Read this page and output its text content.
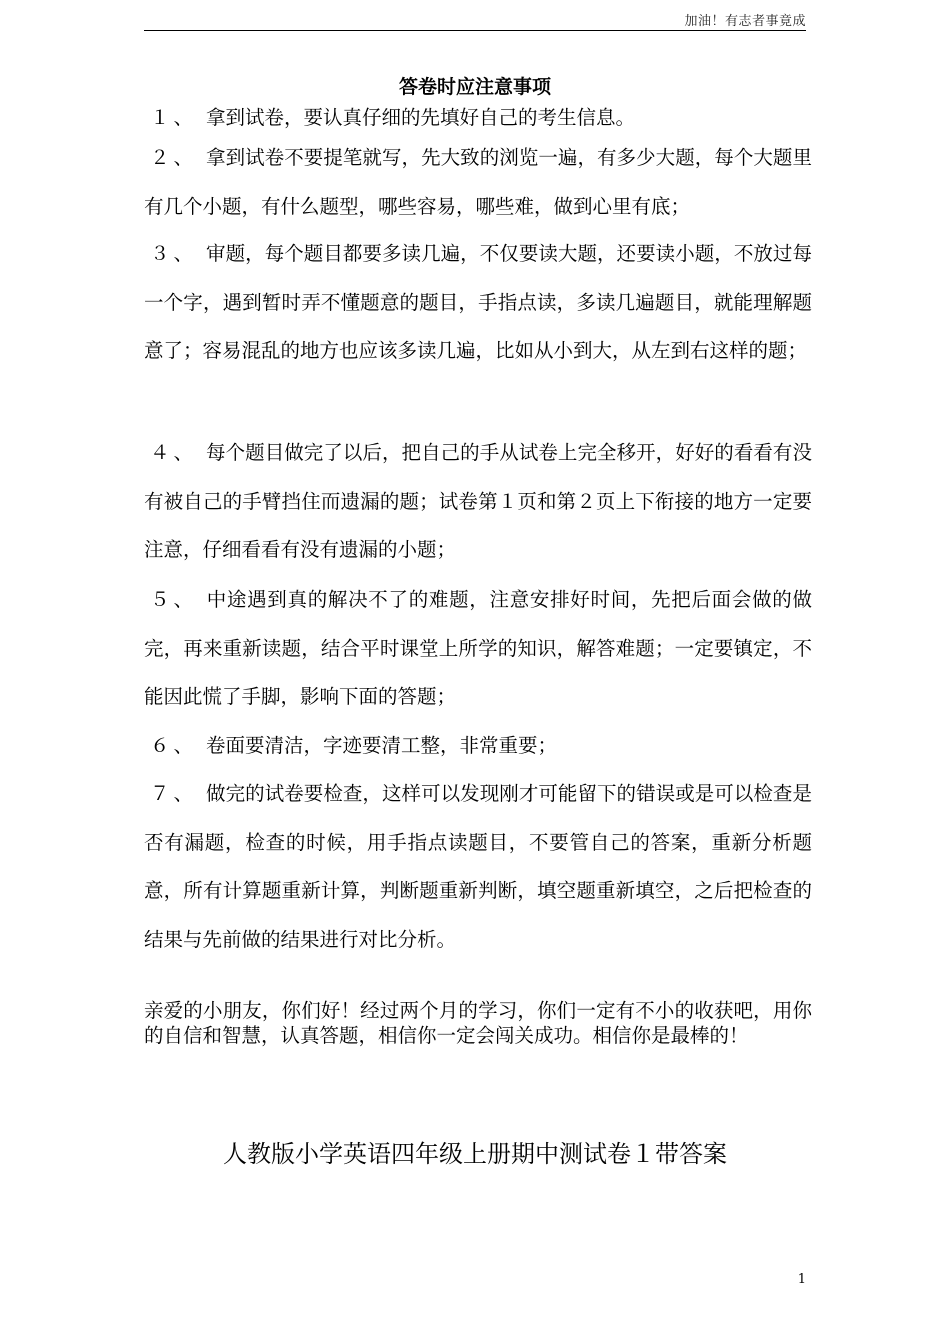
加油！有志者事竟成
答卷时应注意事项
１、 拿到试卷，要认真仔细的先填好自己的考生信息。
２、 拿到试卷不要提笔就写，先大致的浏览一遍，有多少大题，每个大题里有几个小题，有什么题型，哪些容易，哪些难，做到心里有底；
３、 审题，每个题目都要多读几遍，不仅要读大题，还要读小题，不放过每一个字，遇到暂时弄不懂题意的题目，手指点读，多读几遍题目，就能理解题意了；容易混乱的地方也应该多读几遍，比如从小到大，从左到右这样的题；
４、 每个题目做完了以后，把自己的手从试卷上完全移开，好好的看看有没有被自己的手臂挡住而遗漏的题；试卷第１页和第２页上下衔接的地方一定要注意，仔细看看有没有遗漏的小题；
５、 中途遇到真的解决不了的难题，注意安排好时间，先把后面会做的做完，再来重新读题，结合平时课堂上所学的知识，解答难题；一定要镇定，不能因此慌了手脚，影响下面的答题；
６、 卷面要清洁，字迹要清工整，非常重要；
７、 做完的试卷要检查，这样可以发现刚才可能留下的错误或是可以检查是否有漏题，检查的时候，用手指点读题目，不要管自己的答案，重新分析题意，所有计算题重新计算，判断题重新判断，填空题重新填空，之后把检查的结果与先前做的结果进行对比分析。
亲爱的小朋友，你们好！经过两个月的学习，你们一定有不小的收获吧，用你的自信和智慧，认真答题，相信你一定会闯关成功。相信你是最棒的！
人教版小学英语四年级上册期中测试卷１带答案
1
